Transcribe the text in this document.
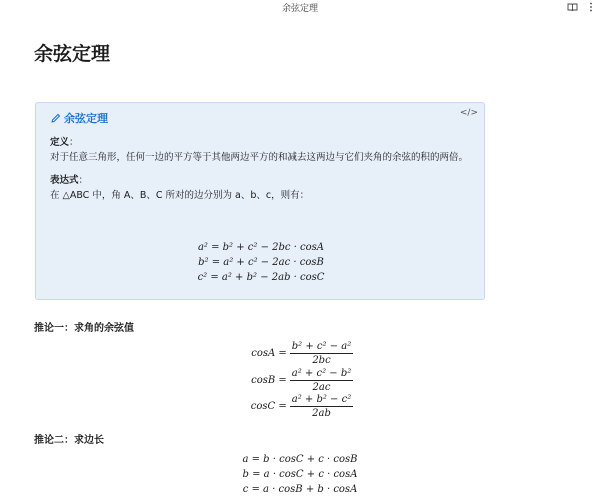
余弦定理
余弦定理
余弦定理	</>

定义：

对于任意三角形，任何一边的平方等于其他两边平方的和减去这两边与它们夹角的余弦的积的两倍。

表达式：

在 △ABC 中，角 A、B、C 所对的边分别为 a、b、c，则有：

a² = b² + c² − 2bc · cosA
b² = a² + c² − 2ac · cosB
c² = a² + b² − 2ab · cosC
推论一：求角的余弦值
$\cos A = \frac{\text{b² + c² − a²}}{2bc}$
$\cos B = \frac{\text{a² + c² − b²}}{2ac}$
$\cos C = \frac{\text{a² + b² − c²}}{2ab}$
推论二：求边长
a = b · cosC + c · cosB
b = a · cosC + c · cosA
c = a · cosB + b · cosA
